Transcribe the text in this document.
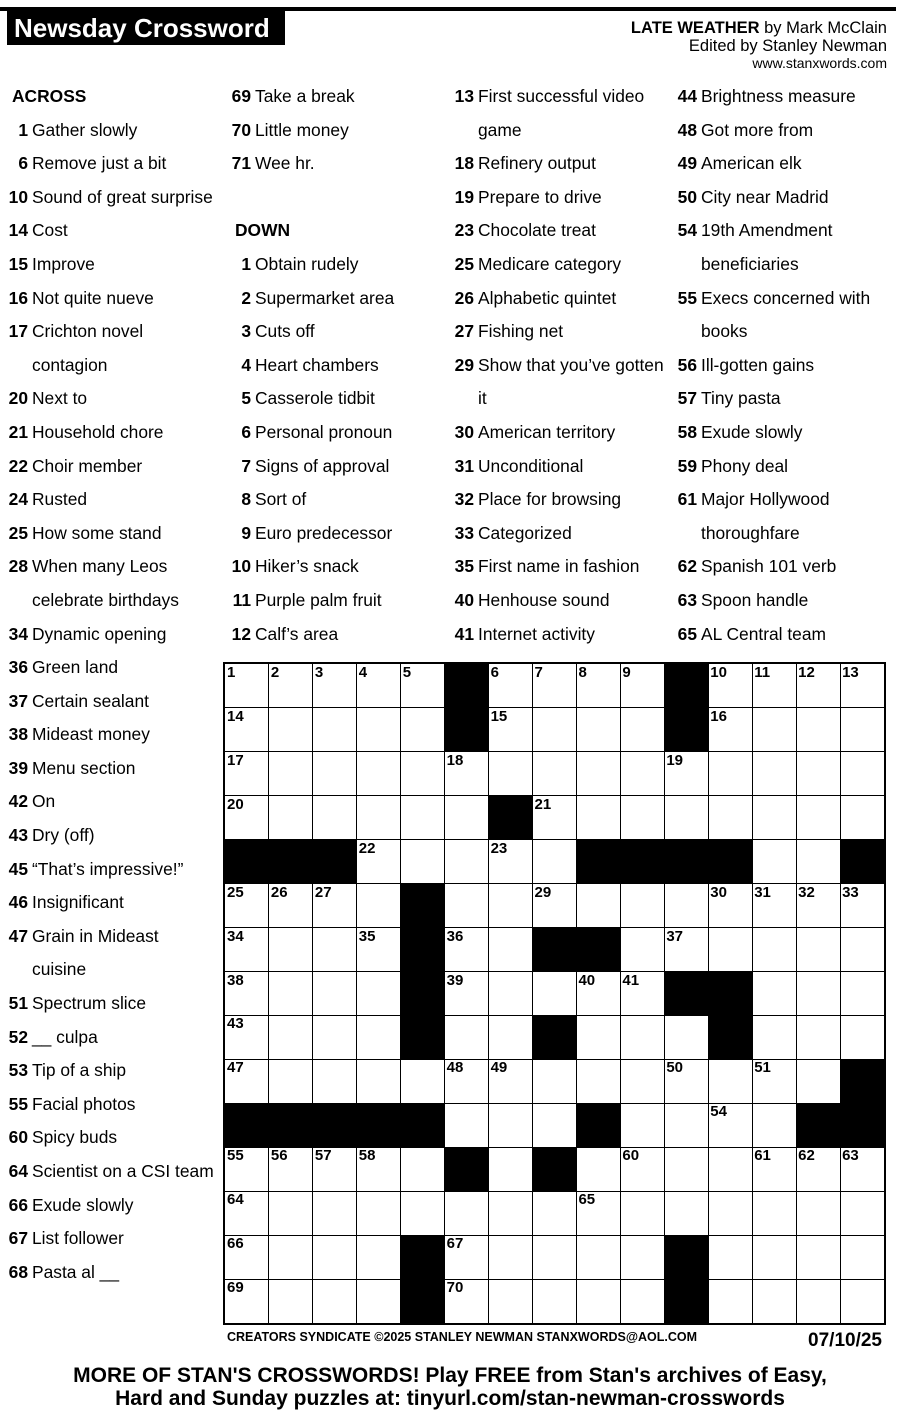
Newsday Crossword	LATE WEATHER by Mark McClain
Edited by Stanley Newman
www.stanxwords.com
ACROSS
1 Gather slowly
6 Remove just a bit
10 Sound of great surprise
14 Cost
15 Improve
16 Not quite nueve
17 Crichton novel contagion
20 Next to
21 Household chore
22 Choir member
24 Rusted
25 How some stand
28 When many Leos celebrate birthdays
34 Dynamic opening
36 Green land
37 Certain sealant
38 Mideast money
39 Menu section
42 On
43 Dry (off)
45 “That’s impressive!”
46 Insignificant
47 Grain in Mideast cuisine
51 Spectrum slice
52 __ culpa
53 Tip of a ship
55 Facial photos
60 Spicy buds
64 Scientist on a CSI team
66 Exude slowly
67 List follower
68 Pasta al __
69 Take a break
70 Little money
71 Wee hr.
DOWN
1 Obtain rudely
2 Supermarket area
3 Cuts off
4 Heart chambers
5 Casserole tidbit
6 Personal pronoun
7 Signs of approval
8 Sort of
9 Euro predecessor
10 Hiker’s snack
11 Purple palm fruit
12 Calf’s area
13 First successful video game
18 Refinery output
19 Prepare to drive
23 Chocolate treat
25 Medicare category
26 Alphabetic quintet
27 Fishing net
29 Show that you’ve gotten it
30 American territory
31 Unconditional
32 Place for browsing
33 Categorized
35 First name in fashion
40 Henhouse sound
41 Internet activity
44 Brightness measure
48 Got more from
49 American elk
50 City near Madrid
54 19th Amendment beneficiaries
55 Execs concerned with books
56 Ill-gotten gains
57 Tiny pasta
58 Exude slowly
59 Phony deal
61 Major Hollywood thoroughfare
62 Spanish 101 verb
63 Spoon handle
65 AL Central team
1 2 3 4 5	6 7 8 9	10 11 12 13
14	15	16
17	18	19
20	21
22	23
25 26 27	29	30 31 32 33
34	35	36	37
38	39	40 41
43
47	48 49	50	51
54
55 56 57 58	60	61 62 63
64	65
66	67
69	70
CREATORS SYNDICATE ©2025 STANLEY NEWMAN STANXWORDS@AOL.COM	07/10/25
MORE OF STAN'S CROSSWORDS! Play FREE from Stan's archives of Easy,
Hard and Sunday puzzles at: tinyurl.com/stan-newman-crosswords
